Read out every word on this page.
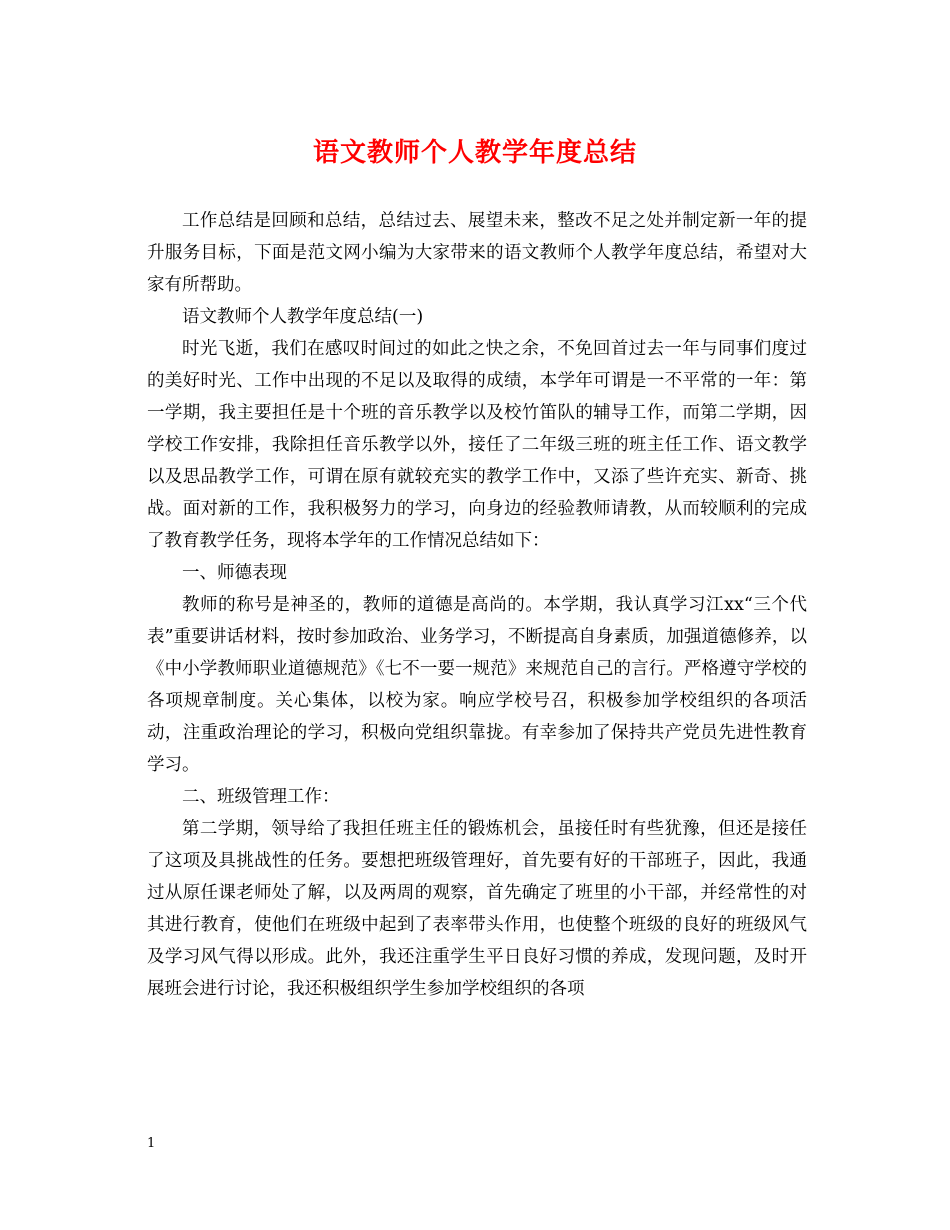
语文教师个人教学年度总结

工作总结是回顾和总结，总结过去、展望未来，整改不足之处并制定新一年的提升服务目标，下面是范文网小编为大家带来的语文教师个人教学年度总结，希望对大家有所帮助。

语文教师个人教学年度总结(一)

时光飞逝，我们在感叹时间过的如此之快之余，不免回首过去一年与同事们度过的美好时光、工作中出现的不足以及取得的成绩，本学年可谓是一不平常的一年：第一学期，我主要担任是十个班的音乐教学以及校竹笛队的辅导工作，而第二学期，因学校工作安排，我除担任音乐教学以外，接任了二年级三班的班主任工作、语文教学以及思品教学工作，可谓在原有就较充实的教学工作中，又添了些许充实、新奇、挑战。面对新的工作，我积极努力的学习，向身边的经验教师请教，从而较顺利的完成了教育教学任务，现将本学年的工作情况总结如下：

一、师德表现

教师的称号是神圣的，教师的道德是高尚的。本学期，我认真学习江xx“三个代表”重要讲话材料，按时参加政治、业务学习，不断提高自身素质，加强道德修养，以《中小学教师职业道德规范》《七不一要一规范》来规范自己的言行。严格遵守学校的各项规章制度。关心集体，以校为家。响应学校号召，积极参加学校组织的各项活动，注重政治理论的学习，积极向党组织靠拢。有幸参加了保持共产党员先进性教育学习。

二、班级管理工作：

第二学期，领导给了我担任班主任的锻炼机会，虽接任时有些犹豫，但还是接任了这项及具挑战性的任务。要想把班级管理好，首先要有好的干部班子，因此，我通过从原任课老师处了解，以及两周的观察，首先确定了班里的小干部，并经常性的对其进行教育，使他们在班级中起到了表率带头作用，也使整个班级的良好的班级风气及学习风气得以形成。此外，我还注重学生平日良好习惯的养成，发现问题，及时开展班会进行讨论，我还积极组织学生参加学校组织的各项

1
